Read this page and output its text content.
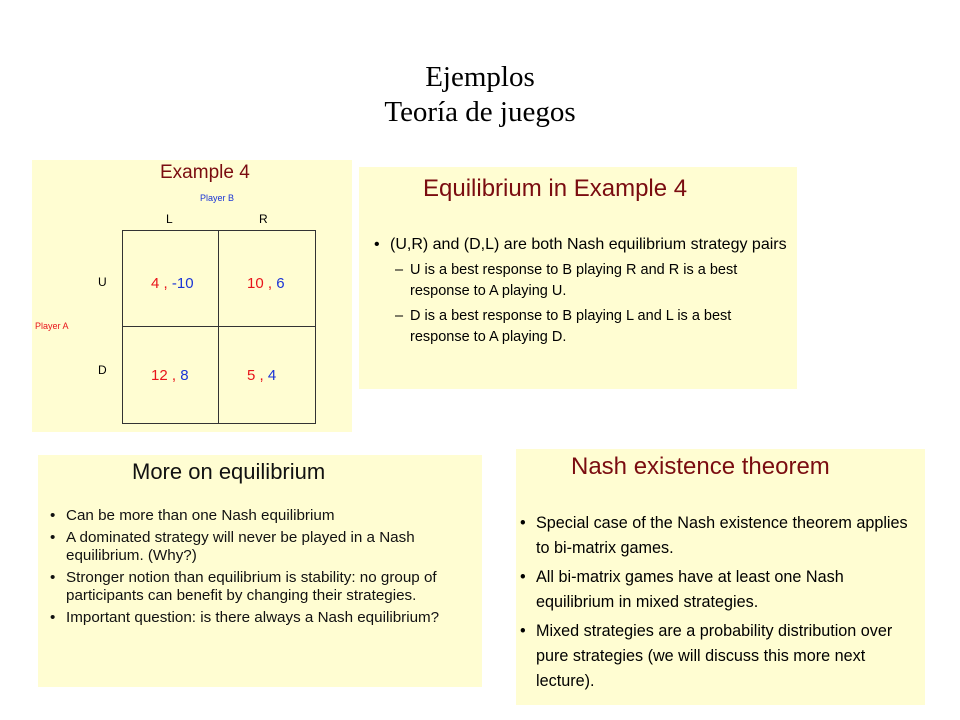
Ejemplos
Teoría de juegos
Example 4
Player B
L	R
U
D
Player A
4 , -10	10 , 6
12 , 8	5 , 4
Equilibrium in Example 4
• (U,R) and (D,L) are both Nash equilibrium strategy pairs
– U is a best response to B playing R and R is a best response to A playing U.
– D is a best response to B playing L and L is a best response to A playing D.
More on equilibrium
• Can be more than one Nash equilibrium
• A dominated strategy will never be played in a Nash equilibrium. (Why?)
• Stronger notion than equilibrium is stability: no group of participants can benefit by changing their strategies.
• Important question: is there always a Nash equilibrium?
Nash existence theorem
• Special case of the Nash existence theorem applies to bi-matrix games.
• All bi-matrix games have at least one Nash equilibrium in mixed strategies.
• Mixed strategies are a probability distribution over pure strategies (we will discuss this more next lecture).
